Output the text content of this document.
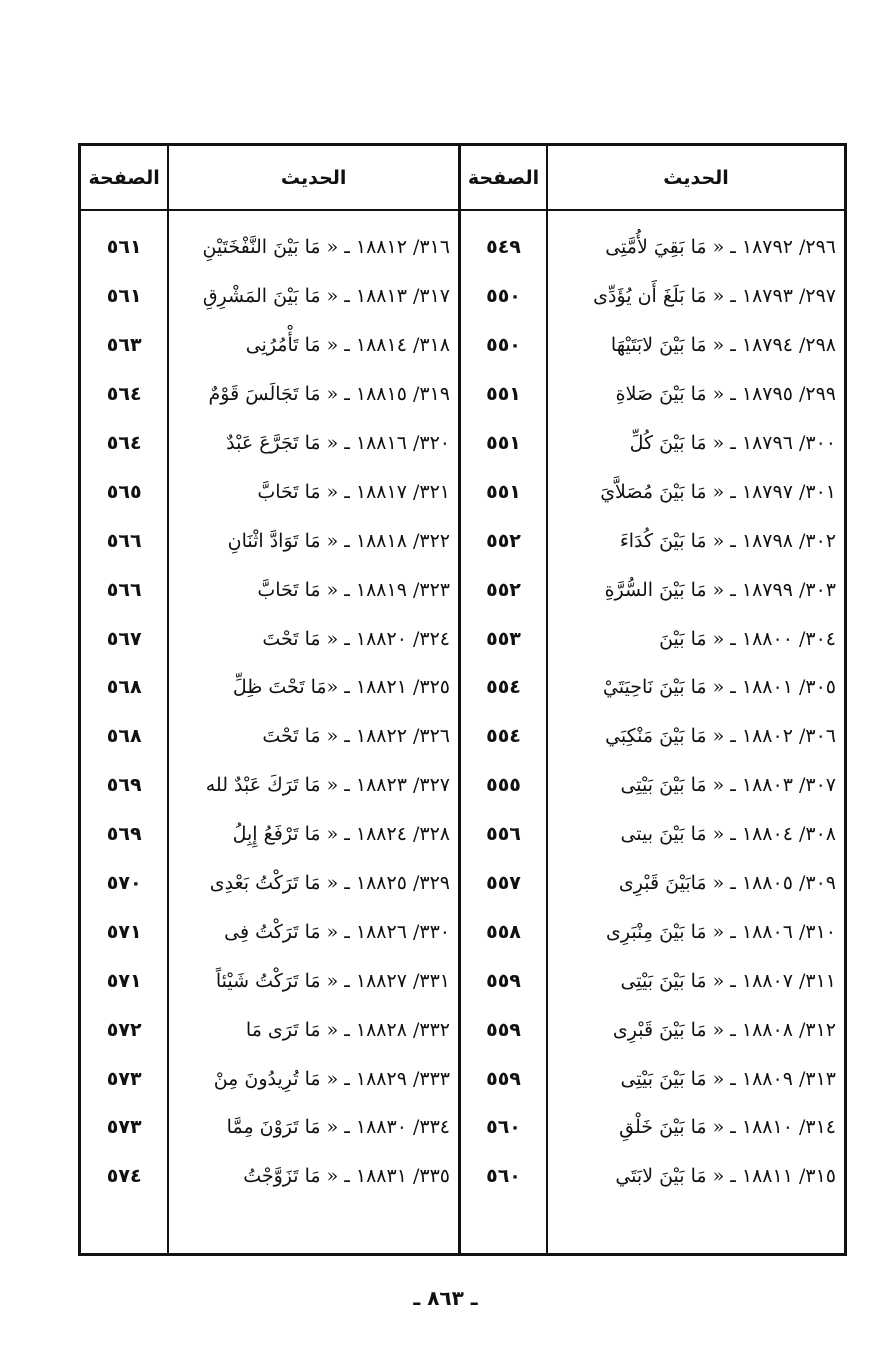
الحديث
٢٩٦/ ١٨٧٩٢ ـ « مَا بَقِيَ لأُمَّتِى
٢٩٧/ ١٨٧٩٣ ـ « مَا بَلَغَ أَن يُؤَدِّى
٢٩٨/ ١٨٧٩٤ ـ « مَا بَيْنَ لابَتَيْهَا
٢٩٩/ ١٨٧٩٥ ـ « مَا بَيْنَ صَلاةِ
٣٠٠/ ١٨٧٩٦ ـ « مَا بَيْنَ كُلِّ
٣٠١/ ١٨٧٩٧ ـ « مَا بَيْنَ مُصَلاَّيَ
٣٠٢/ ١٨٧٩٨ ـ « مَا بَيْنَ كُدَاءَ
٣٠٣/ ١٨٧٩٩ ـ « مَا بَيْنَ السُّرَّةِ
٣٠٤/ ١٨٨٠٠ ـ « مَا بَيْنَ
٣٠٥/ ١٨٨٠١ ـ « مَا بَيْنَ نَاحِيَتَيْ
٣٠٦/ ١٨٨٠٢ ـ « مَا بَيْنَ مَنْكِبَي
٣٠٧/ ١٨٨٠٣ ـ « مَا بَيْنَ بَيْتِى
٣٠٨/ ١٨٨٠٤ ـ « مَا بَيْنَ بيتى
٣٠٩/ ١٨٨٠٥ ـ « مَابَيْنَ قَبْرِى
٣١٠/ ١٨٨٠٦ ـ « مَا بَيْنَ مِنْبَرِى
٣١١/ ١٨٨٠٧ ـ « مَا بَيْنَ بَيْتِى
٣١٢/ ١٨٨٠٨ ـ « مَا بَيْنَ قَبْرِى
٣١٣/ ١٨٨٠٩ ـ « مَا بَيْنَ بَيْتِى
٣١٤/ ١٨٨١٠ ـ « مَا بَيْنَ خَلْقِ
٣١٥/ ١٨٨١١ ـ « مَا بَيْنَ لابَتَي
الصفحة
٥٤٩
٥٥٠
٥٥٠
٥٥١
٥٥١
٥٥١
٥٥٢
٥٥٢
٥٥٣
٥٥٤
٥٥٤
٥٥٥
٥٥٦
٥٥٧
٥٥٨
٥٥٩
٥٥٩
٥٥٩
٥٦٠
٥٦٠
الحديث
٣١٦/ ١٨٨١٢ ـ « مَا بَيْنَ النَّفْخَتَيْنِ
٣١٧/ ١٨٨١٣ ـ « مَا بَيْنَ المَشْرِقِ
٣١٨/ ١٨٨١٤ ـ « مَا تَأْمُرُنِى
٣١٩/ ١٨٨١٥ ـ « مَا تَجَالَسَ قَوْمٌ
٣٢٠/ ١٨٨١٦ ـ « مَا تَجَرَّعَ عَبْدٌ
٣٢١/ ١٨٨١٧ ـ « مَا تَحَابَّ
٣٢٢/ ١٨٨١٨ ـ « مَا تَوَادَّ اثْنَانِ
٣٢٣/ ١٨٨١٩ ـ « مَا تَحَابَّ
٣٢٤/ ١٨٨٢٠ ـ « مَا تَحْتَ
٣٢٥/ ١٨٨٢١ ـ «مَا تَحْتَ ظِلِّ
٣٢٦/ ١٨٨٢٢ ـ « مَا تَحْتَ
٣٢٧/ ١٨٨٢٣ ـ « مَا تَرَكَ عَبْدٌ لله
٣٢٨/ ١٨٨٢٤ ـ « مَا تَرْفَعُ إِبِلُ
٣٢٩/ ١٨٨٢٥ ـ « مَا تَرَكْتُ بَعْدِى
٣٣٠/ ١٨٨٢٦ ـ « مَا تَرَكْتُ فِى
٣٣١/ ١٨٨٢٧ ـ « مَا تَرَكْتُ شَيْئاً
٣٣٢/ ١٨٨٢٨ ـ « مَا تَرَى مَا
٣٣٣/ ١٨٨٢٩ ـ « مَا تُرِيدُونَ مِنْ
٣٣٤/ ١٨٨٣٠ ـ « مَا تَرَوْنَ مِمَّا
٣٣٥/ ١٨٨٣١ ـ « مَا تَزَوَّجْتُ
الصفحة
٥٦١
٥٦١
٥٦٣
٥٦٤
٥٦٤
٥٦٥
٥٦٦
٥٦٦
٥٦٧
٥٦٨
٥٦٨
٥٦٩
٥٦٩
٥٧٠
٥٧١
٥٧١
٥٧٢
٥٧٣
٥٧٣
٥٧٤
ـ ٨٦٣ ـ
